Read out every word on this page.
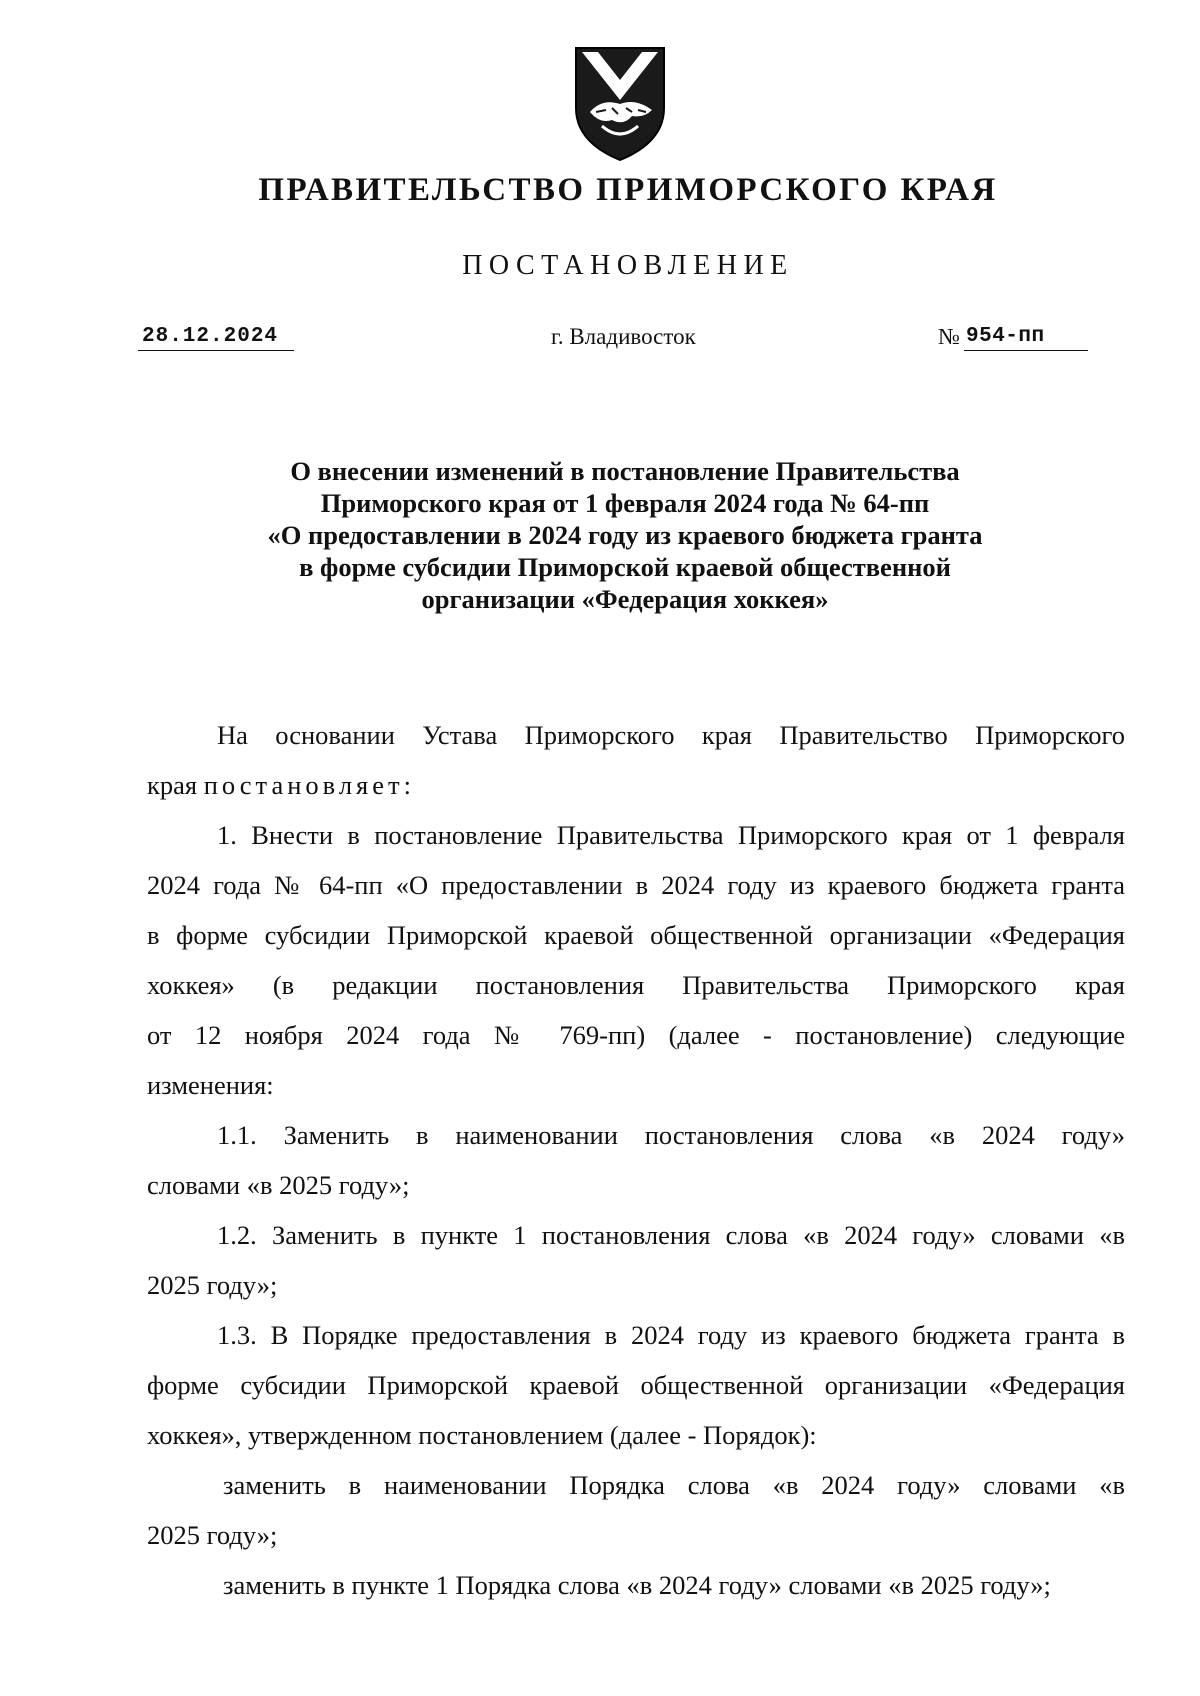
ПРАВИТЕЛЬСТВО ПРИМОРСКОГО КРАЯ
ПОСТАНОВЛЕНИЕ
28.12.2024	г. Владивосток	№ 954-пп
О внесении изменений в постановление Правительства
Приморского края от 1 февраля 2024 года № 64-пп
«О предоставлении в 2024 году из краевого бюджета гранта
в форме субсидии Приморской краевой общественной
организации «Федерация хоккея»
На основании Устава Приморского края Правительство Приморского
края постановляет:
1. Внести в постановление Правительства Приморского края от 1 февраля
2024 года № 64-пп «О предоставлении в 2024 году из краевого бюджета гранта
в форме субсидии Приморской краевой общественной организации «Федерация
хоккея» (в редакции постановления Правительства Приморского края
от 12 ноября 2024 года № 769-пп) (далее - постановление) следующие
изменения:
1.1. Заменить в наименовании постановления слова «в 2024 году»
словами «в 2025 году»;
1.2. Заменить в пункте 1 постановления слова «в 2024 году» словами «в
2025 году»;
1.3. В Порядке предоставления в 2024 году из краевого бюджета гранта в
форме субсидии Приморской краевой общественной организации «Федерация
хоккея», утвержденном постановлением (далее - Порядок):
заменить в наименовании Порядка слова «в 2024 году» словами «в
2025 году»;
заменить в пункте 1 Порядка слова «в 2024 году» словами «в 2025 году»;
